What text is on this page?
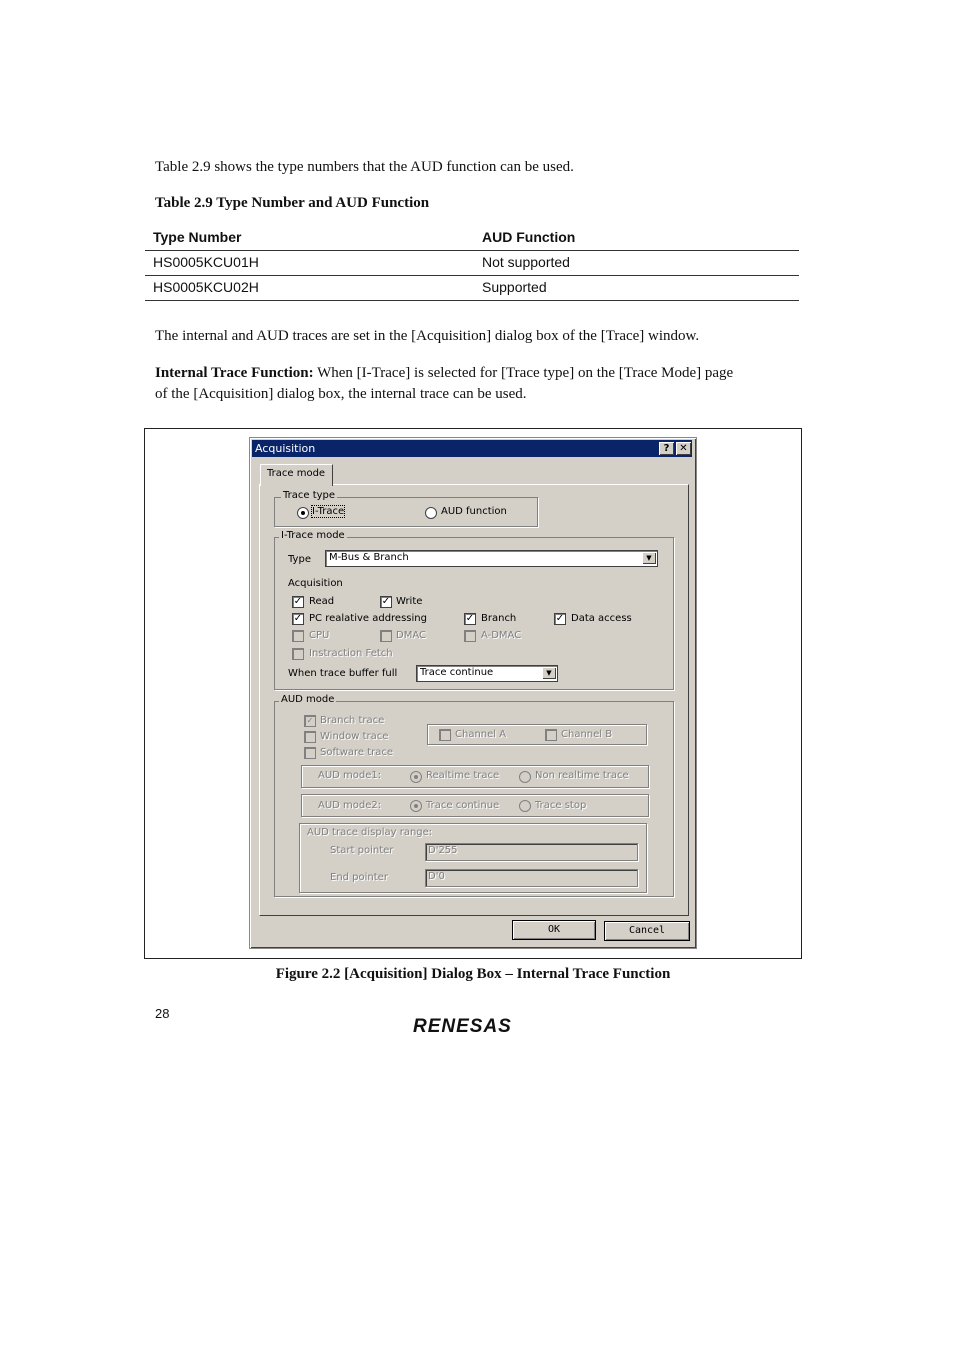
Table 2.9 shows the type numbers that the AUD function can be used.
Table 2.9 Type Number and AUD Function
Type Number	AUD Function
HS0005KCU01H	Not supported
HS0005KCU02H	Supported
The internal and AUD traces are set in the [Acquisition] dialog box of the [Trace] window.
Internal Trace Function: When [I-Trace] is selected for [Trace type] on the [Trace Mode] page
of the [Acquisition] dialog box, the internal trace can be used.
Acquisition	? ✕
Trace mode
Trace type
I-Trace	AUD function
I-Trace mode
Type M-Bus & Branch	▼
Acquisition
✓ Read	✓ Write
✓ PC realative addressing	✓ Branch	✓ Data access
CPU	DMAC	A-DMAC
Instraction Fetch
When trace buffer full Trace continue	▼
AUD mode
✓ Branch trace
Window trace
Software trace
Channel A	Channel B
AUD mode1:	Realtime trace	Non realtime trace
AUD mode2:	Trace continue	Trace stop
AUD trace display range:
Start pointer	D'255
End pointer	D'0
OK	Cancel
Figure 2.2 [Acquisition] Dialog Box – Internal Trace Function
28
RENESAS
